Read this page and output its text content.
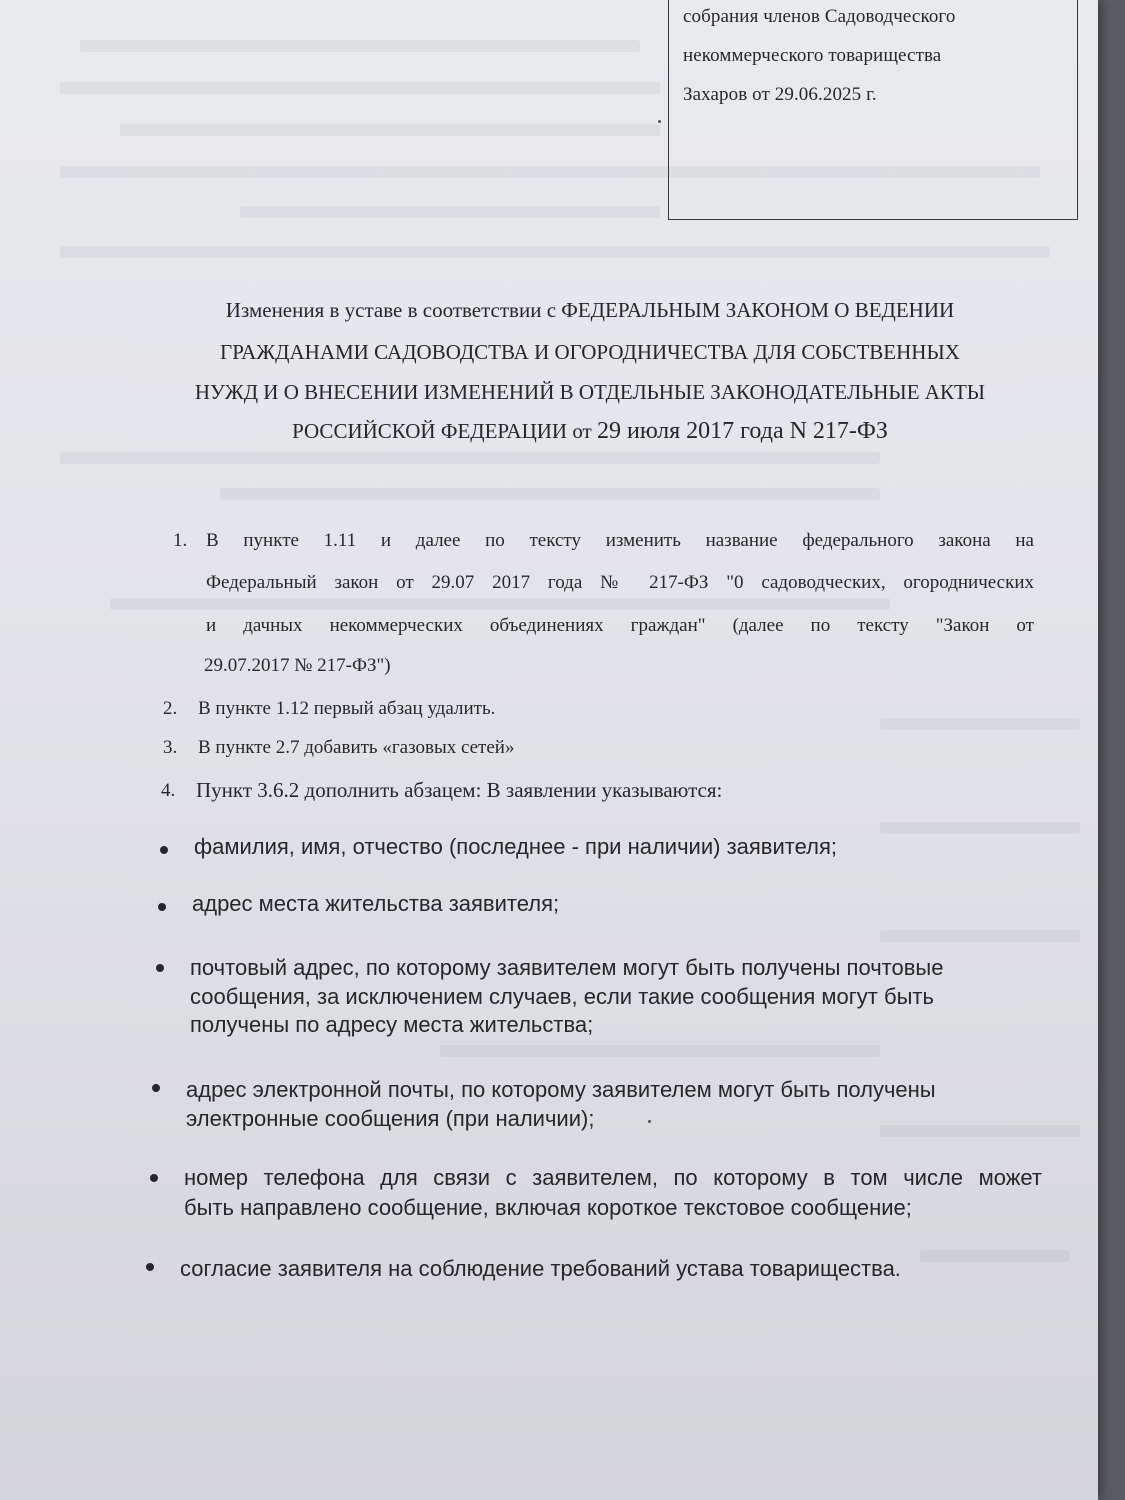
собрания членов Садоводческого
некоммерческого товарищества
Захаров от 29.06.2025 г.
Изменения в уставе в соответствии с ФЕДЕРАЛЬНЫМ ЗАКОНОМ О ВЕДЕНИИ
ГРАЖДАНАМИ САДОВОДСТВА И ОГОРОДНИЧЕСТВА ДЛЯ СОБСТВЕННЫХ
НУЖД И О ВНЕСЕНИИ ИЗМЕНЕНИЙ В ОТДЕЛЬНЫЕ ЗАКОНОДАТЕЛЬНЫЕ АКТЫ
РОССИЙСКОЙ ФЕДЕРАЦИИ от 29 июля 2017 года N 217-ФЗ
1. В пункте 1.11 и далее по тексту изменить название федерального закона на
Федеральный закон от 29.07 2017 года № 217-ФЗ "0 садоводческих, огороднических
и дачных некоммерческих объединениях граждан" (далее по тексту "Закон от
29.07.2017 № 217-ФЗ")
2. В пункте 1.12 первый абзац удалить.
3. В пункте 2.7 добавить «газовых сетей»
4. Пункт 3.6.2 дополнить абзацем: В заявлении указываются:
фамилия, имя, отчество (последнее - при наличии) заявителя;
адрес места жительства заявителя;
почтовый адрес, по которому заявителем могут быть получены почтовые
сообщения, за исключением случаев, если такие сообщения могут быть
получены по адресу места жительства;
адрес электронной почты, по которому заявителем могут быть получены
электронные сообщения (при наличии);
номер телефона для связи с заявителем, по которому в том числе может
быть направлено сообщение, включая короткое текстовое сообщение;
согласие заявителя на соблюдение требований устава товарищества.
